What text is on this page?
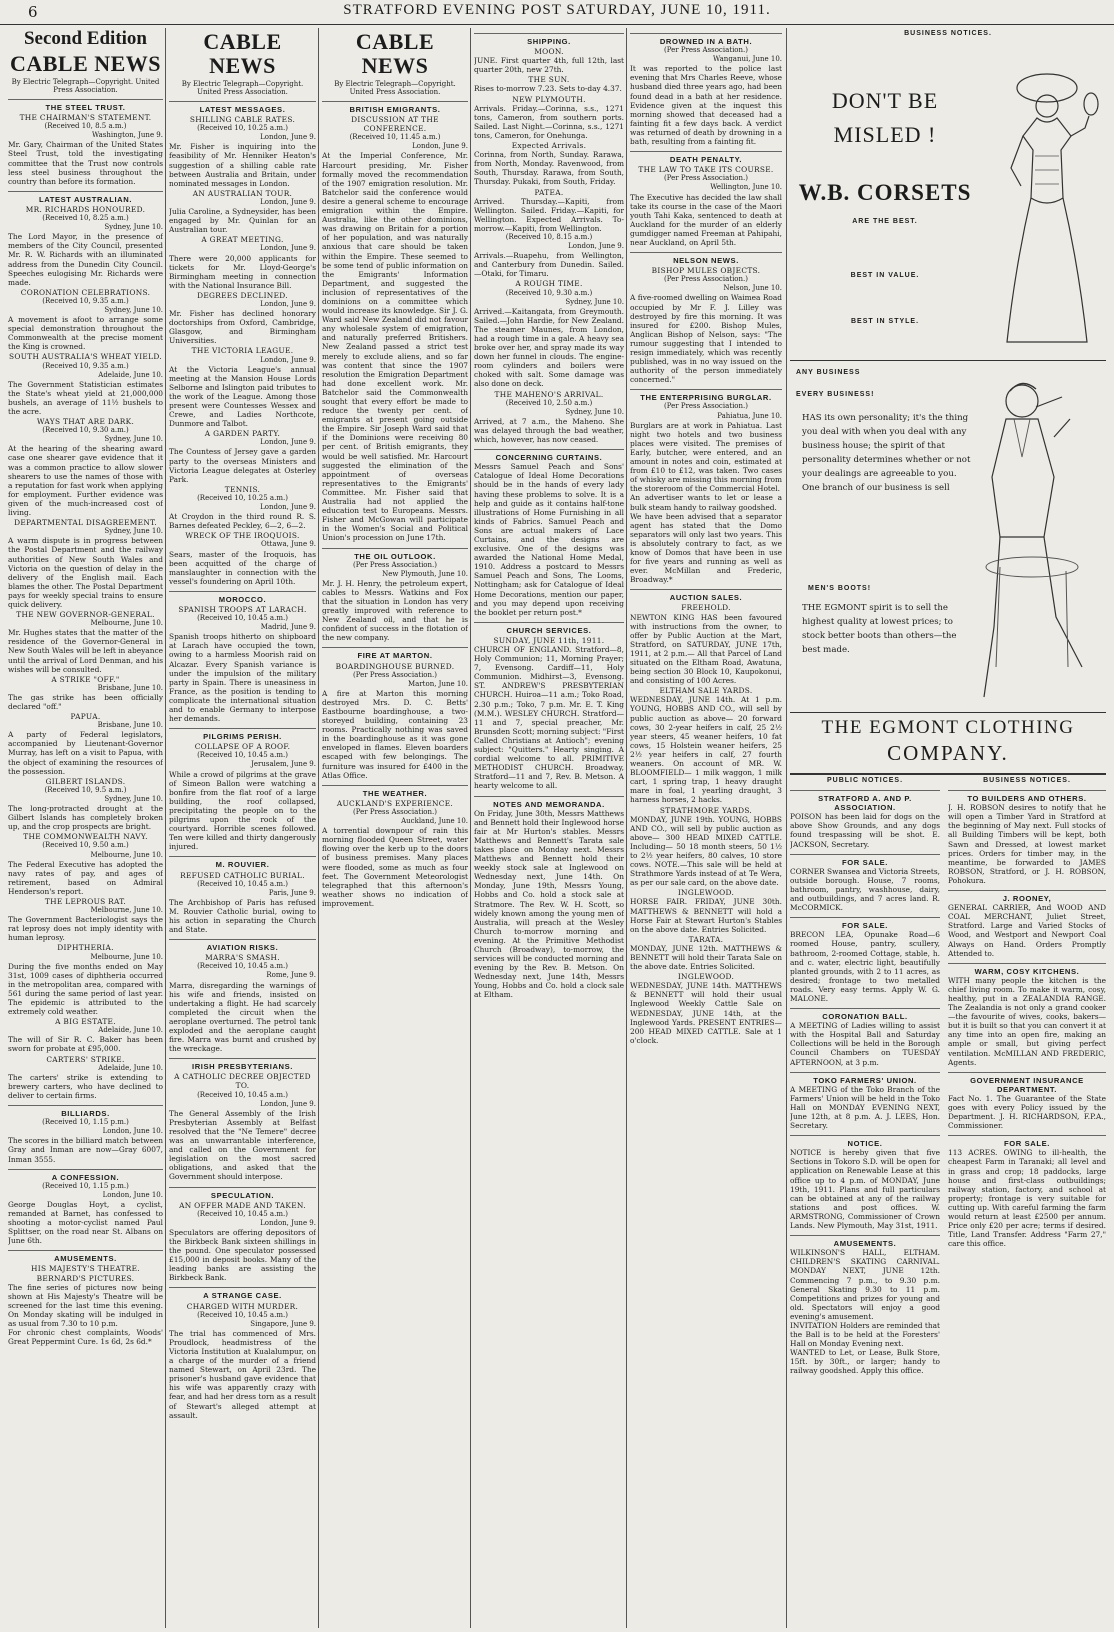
6	STRATFORD EVENING POST SATURDAY, JUNE 10, 1911.
Second Edition
CABLE NEWS
By Electric Telegraph—Copyright. United Press Association.
THE STEEL TRUST.
THE CHAIRMAN'S STATEMENT.
(Received 10, 8.5 a.m.)
Washington, June 9.

Mr. Gary, Chairman of the United States Steel Trust, told the investigating committee that the Trust now controls less steel business throughout the country than before its formation.

LATEST AUSTRALIAN.
MR. RICHARDS HONOURED.
(Received 10, 8.25 a.m.)
Sydney, June 10.

The Lord Mayor, in the presence of members of the City Council, presented Mr. R. W. Richards with an illuminated address from the Dunedin City Council. Speeches eulogising Mr. Richards were made.

CORONATION CELEBRATIONS.
(Received 10, 9.35 a.m.)
Sydney, June 10.

A movement is afoot to arrange some special demonstration throughout the Commonwealth at the precise moment the King is crowned.

SOUTH AUSTRALIA'S WHEAT YIELD.
(Received 10, 9.35 a.m.)
Adelaide, June 10.

The Government Statistician estimates the State's wheat yield at 21,000,000 bushels, an average of 11½ bushels to the acre.

WAYS THAT ARE DARK.
(Received 10, 9.30 a.m.)
Sydney, June 10.

At the hearing of the shearing award case one shearer gave evidence that it was a common practice to allow slower shearers to use the names of those with a reputation for fast work when applying for employment. Further evidence was given of the much-increased cost of living.

DEPARTMENTAL DISAGREEMENT.
Sydney, June 10.

A warm dispute is in progress between the Postal Department and the railway authorities of New South Wales and Victoria on the question of delay in the delivery of the English mail. Each blames the other. The Postal Department pays for weekly special trains to ensure quick delivery.

THE NEW GOVERNOR-GENERAL.
Melbourne, June 10.

Mr. Hughes states that the matter of the residence of the Governor-General in New South Wales will be left in abeyance until the arrival of Lord Denman, and his wishes will be consulted.

A STRIKE "OFF."
Brisbane, June 10.

The gas strike has been officially declared "off."

PAPUA.
Brisbane, June 10.

A party of Federal legislators, accompanied by Lieutenant-Governor Murray, has left on a visit to Papua, with the object of examining the resources of the possession.

GILBERT ISLANDS.
(Received 10, 9.5 a.m.)
Sydney, June 10.

The long-protracted drought at the Gilbert Islands has completely broken up, and the crop prospects are bright.

THE COMMONWEALTH NAVY.
(Received 10, 9.50 a.m.)
Melbourne, June 10.

The Federal Executive has adopted the navy rates of pay, and ages of retirement, based on Admiral Henderson's report.

THE LEPROUS RAT.
Melbourne, June 10.

The Government Bacteriologist says the rat leprosy does not imply identity with human leprosy.

DIPHTHERIA.
Melbourne, June 10.

During the five months ended on May 31st, 1009 cases of diphtheria occurred in the metropolitan area, compared with 561 during the same period of last year. The epidemic is attributed to the extremely cold weather.

A BIG ESTATE.
Adelaide, June 10.

The will of Sir R. C. Baker has been sworn for probate at £95,000.

CARTERS' STRIKE.
Adelaide, June 10.

The carters' strike is extending to brewery carters, who have declined to deliver to certain firms.

BILLIARDS.
(Received 10, 1.15 p.m.)
London, June 10.

The scores in the billiard match between Gray and Inman are now—Gray 6007, Inman 3555.

A CONFESSION.
(Received 10, 1.15 p.m.)
London, June 10.

George Douglas Hoyt, a cyclist, remanded at Barnet, has confessed to shooting a motor-cyclist named Paul Splittser, on the road near St. Albans on June 6th.

AMUSEMENTS.
HIS MAJESTY'S THEATRE. BERNARD'S PICTURES.

The fine series of pictures now being shown at His Majesty's Theatre will be screened for the last time this evening. On Monday skating will be indulged in as usual from 7.30 to 10 p.m.

For chronic chest complaints, Woods' Great Peppermint Cure. 1s 6d, 2s 6d.*

CABLE NEWS
By Electric Telegraph—Copyright. United Press Association.
LATEST MESSAGES.
SHILLING CABLE RATES.
(Received 10, 10.25 a.m.)
London, June 9.

Mr. Fisher is inquiring into the feasibility of Mr. Henniker Heaton's suggestion of a shilling cable rate between Australia and Britain, under nominated messages in London.

AN AUSTRALIAN TOUR.
London, June 9.

Julia Caroline, a Sydneysider, has been engaged by Mr. Quinlan for an Australian tour.

A GREAT MEETING.
London, June 9.

There were 20,000 applicants for tickets for Mr. Lloyd-George's Birmingham meeting in connection with the National Insurance Bill.

DEGREES DECLINED.
London, June 9.

Mr. Fisher has declined honorary doctorships from Oxford, Cambridge, Glasgow, and Birmingham Universities.

THE VICTORIA LEAGUE.
London, June 9.

At the Victoria League's annual meeting at the Mansion House Lords Selborne and Islington paid tributes to the work of the League. Among those present were Countesses Wessex and Crewe, and Ladies Northcote, Dunmore and Talbot.

A GARDEN PARTY.
London, June 9.

The Countess of Jersey gave a garden party to the overseas Ministers and Victoria League delegates at Osterley Park.

TENNIS.
(Received 10, 10.25 a.m.)
London, June 9.

At Croydon in the third round R. S. Barnes defeated Peckley, 6—2, 6—2.

WRECK OF THE IROQUOIS.
Ottawa, June 9.

Sears, master of the Iroquois, has been acquitted of the charge of manslaughter in connection with the vessel's foundering on April 10th.

MOROCCO.
SPANISH TROOPS AT LARACH.
(Received 10, 10.45 a.m.)
Madrid, June 9.

Spanish troops hitherto on shipboard at Larach have occupied the town, owing to a harmless Moorish raid on Alcazar. Every Spanish variance is under the impulsion of the military party in Spain. There is uneasiness in France, as the position is tending to complicate the international situation and to enable Germany to interpose her demands.

PILGRIMS PERISH.
COLLAPSE OF A ROOF.
(Received 10, 10.45 a.m.)
Jerusalem, June 9.

While a crowd of pilgrims at the grave of Simeon Ballon were watching a bonfire from the flat roof of a large building, the roof collapsed, precipitating the people on to the pilgrims upon the rock of the courtyard. Horrible scenes followed. Ten were killed and thirty dangerously injured.

M. ROUVIER.
REFUSED CATHOLIC BURIAL.
(Received 10, 10.45 a.m.)
Paris, June 9.

The Archbishop of Paris has refused M. Rouvier Catholic burial, owing to his action in separating the Church and State.

AVIATION RISKS.
MARRA'S SMASH.
(Received 10, 10.45 a.m.)
Rome, June 9.

Marra, disregarding the warnings of his wife and friends, insisted on undertaking a flight. He had scarcely completed the circuit when the aeroplane overturned. The petrol tank exploded and the aeroplane caught fire. Marra was burnt and crushed by the wreckage.

IRISH PRESBYTERIANS.
A CATHOLIC DECREE OBJECTED TO.
(Received 10, 10.45 a.m.)
London, June 9.

The General Assembly of the Irish Presbyterian Assembly at Belfast resolved that the "Ne Temere" decree was an unwarrantable interference, and called on the Government for legislation on the most sacred obligations, and asked that the Government should interpose.

SPECULATION.
AN OFFER MADE AND TAKEN.
(Received 10, 10.45 a.m.)
London, June 9.

Speculators are offering depositors of the Birkbeck Bank sixteen shillings in the pound. One speculator possessed £15,000 in deposit books. Many of the leading banks are assisting the Birkbeck Bank.

A STRANGE CASE.
CHARGED WITH MURDER.
(Received 10, 10.45 a.m.)
Singapore, June 9.

The trial has commenced of Mrs. Proudlock, headmistress of the Victoria Institution at Kualalumpur, on a charge of the murder of a friend named Stewart, on April 23rd. The prisoner's husband gave evidence that his wife was apparently crazy with fear, and had her dress torn as a result of Stewart's alleged attempt at assault.

CABLE NEWS
By Electric Telegraph—Copyright. United Press Association.
BRITISH EMIGRANTS.
DISCUSSION AT THE CONFERENCE.
(Received 10, 11.45 a.m.)
London, June 9.

At the Imperial Conference, Mr. Harcourt presiding, Mr. Fisher formally moved the recommendation of the 1907 emigration resolution. Mr. Batchelor said the conference would desire a general scheme to encourage emigration within the Empire. Australia, like the other dominions, was drawing on Britain for a portion of her population, and was naturally anxious that care should be taken within the Empire. These seemed to be some tend of public information on the Emigrants' Information Department, and suggested the inclusion of representatives of the dominions on a committee which would increase its knowledge. Sir J. G. Ward said New Zealand did not favour any wholesale system of emigration, and naturally preferred Britishers. New Zealand passed a strict test merely to exclude aliens, and so far was content that since the 1907 resolution the Emigration Department had done excellent work. Mr. Batchelor said the Commonwealth sought that every effort be made to reduce the twenty per cent. of emigrants at present going outside the Empire. Sir Joseph Ward said that if the Dominions were receiving 80 per cent. of British emigrants, they would be well satisfied. Mr. Harcourt suggested the elimination of the appointment of overseas representatives to the Emigrants' Committee. Mr. Fisher said that Australia had not applied the education test to Europeans. Messrs. Fisher and McGowan will participate in the Women's Social and Political Union's procession on June 17th.

THE OIL OUTLOOK.
(Per Press Association.)
New Plymouth, June 10.

Mr. J. H. Henry, the petroleum expert, cables to Messrs. Watkins and Fox that the situation in London has very greatly improved with reference to New Zealand oil, and that he is confident of success in the flotation of the new company.

FIRE AT MARTON.
BOARDINGHOUSE BURNED.
(Per Press Association.)
Marton, June 10.

A fire at Marton this morning destroyed Mrs. D. C. Betts' Eastbourne boardinghouse, a two-storeyed building, containing 23 rooms. Practically nothing was saved in the boardinghouse as it was gone enveloped in flames. Eleven boarders escaped with few belongings. The furniture was insured for £400 in the Atlas Office.

THE WEATHER.
AUCKLAND'S EXPERIENCE.
(Per Press Association.)
Auckland, June 10.

A torrential downpour of rain this morning flooded Queen Street, water flowing over the kerb up to the doors of business premises. Many places were flooded, some as much as four feet. The Government Meteorologist telegraphed that this afternoon's weather shows no indication of improvement.

SHIPPING.
MOON.

JUNE. First quarter 4th, full 12th, last quarter 20th, new 27th.

THE SUN.

Rises to-morrow 7.23. Sets to-day 4.37.

NEW PLYMOUTH.

Arrivals. Friday.—Corinna, s.s., 1271 tons, Cameron, from southern ports. Sailed. Last Night.—Corinna, s.s., 1271 tons, Cameron, for Onehunga.

Expected Arrivals.

Corinna, from North, Sunday. Rarawa, from North, Monday. Ravenwood, from South, Thursday. Rarawa, from South, Thursday. Pukaki, from South, Friday.

PATEA.

Arrived. Thursday.—Kapiti, from Wellington. Sailed. Friday.—Kapiti, for Wellington. Expected Arrivals. To-morrow.—Kapiti, from Wellington.

(Received 10, 8.15 a.m.)
London, June 9.

Arrivals.—Ruapehu, from Wellington, and Canterbury from Dunedin. Sailed.—Otaki, for Timaru.

A ROUGH TIME.
(Received 10, 9.30 a.m.)
Sydney, June 10.

Arrived.—Kaitangata, from Greymouth. Sailed.—John Hardie, for New Zealand. The steamer Maunes, from London, had a rough time in a gale. A heavy sea broke over her, and spray made its way down her funnel in clouds. The engine-room cylinders and boilers were choked with salt. Some damage was also done on deck.

THE MAHENO'S ARRIVAL.
(Received 10, 2.50 a.m.)
Sydney, June 10.

Arrived, at 7 a.m., the Maheno. She was delayed through the bad weather, which, however, has now ceased.

CONCERNING CURTAINS.

Messrs Samuel Peach and Sons' Catalogue of Ideal Home Decorations should be in the hands of every lady having these problems to solve. It is a help and guide as it contains half-tone illustrations of Home Furnishing in all kinds of Fabrics. Samuel Peach and Sons are actual makers of Lace Curtains, and the designs are exclusive. One of the designs was awarded the National Home Medal, 1910. Address a postcard to Messrs Samuel Peach and Sons, The Looms, Nottingham; ask for Catalogue of Ideal Home Decorations, mention our paper, and you may depend upon receiving the booklet per return post.*

CHURCH SERVICES.
SUNDAY, JUNE 11th, 1911.

CHURCH OF ENGLAND. Stratford—8, Holy Communion; 11, Morning Prayer; 7, Evensong. Cardiff—11, Holy Communion. Midhirst—3, Evensong. ST. ANDREW'S PRESBYTERIAN CHURCH. Huiroa—11 a.m.; Toko Road, 2.30 p.m.; Toko, 7 p.m. Mr. E. T. King (M.M.). WESLEY CHURCH. Stratford—11 and 7, special preacher, Mr. Brunsden Scott; morning subject: "First Called Christians at Antioch"; evening subject: "Quitters." Hearty singing. A cordial welcome to all. PRIMITIVE METHODIST CHURCH. Broadway, Stratford—11 and 7, Rev. B. Metson. A hearty welcome to all.

NOTES AND MEMORANDA.

On Friday, June 30th, Messrs Matthews and Bennett hold their Inglewood horse fair at Mr Hurton's stables. Messrs Matthews and Bennett's Tarata sale takes place on Monday next. Messrs Matthews and Bennett hold their weekly stock sale at Inglewood on Wednesday next, June 14th. On Monday, June 19th, Messrs Young, Hobbs and Co. hold a stock sale at Stratmore. The Rev. W. H. Scott, so widely known among the young men of Australia, will preach at the Wesley Church to-morrow morning and evening. At the Primitive Methodist Church (Broadway), to-morrow, the services will be conducted morning and evening by the Rev. B. Metson. On Wednesday next, June 14th, Messrs Young, Hobbs and Co. hold a clock sale at Eltham.

DROWNED IN A BATH.
(Per Press Association.)
Wanganui, June 10.

It was reported to the police last evening that Mrs Charles Reeve, whose husband died three years ago, had been found dead in a bath at her residence. Evidence given at the inquest this morning showed that deceased had a fainting fit a few days back. A verdict was returned of death by drowning in a bath, resulting from a fainting fit.

DEATH PENALTY.
THE LAW TO TAKE ITS COURSE.
(Per Press Association.)
Wellington, June 10.

The Executive has decided the law shall take its course in the case of the Maori youth Tahi Kaka, sentenced to death at Auckland for the murder of an elderly gumdigger named Freeman at Pahipahi, near Auckland, on April 5th.

NELSON NEWS.
BISHOP MULES OBJECTS.
(Per Press Association.)
Nelson, June 10.

A five-roomed dwelling on Waimea Road occupied by Mr F. J. Lilley was destroyed by fire this morning. It was insured for £200. Bishop Mules, Anglican Bishop of Nelson, says: "The rumour suggesting that I intended to resign immediately, which was recently published, was in no way issued on the authority of the person immediately concerned."

THE ENTERPRISING BURGLAR.
(Per Press Association.)
Pahiatua, June 10.

Burglars are at work in Pahiatua. Last night two hotels and two business places were visited. The premises of Early, butcher, were entered, and an amount in notes and coin, estimated at from £10 to £12, was taken. Two cases of whisky are missing this morning from the storeroom of the Commercial Hotel.

An advertiser wants to let or lease a bulk steam handy to railway goodshed.

We have been advised that a separator agent has stated that the Domo separators will only last two years. This is absolutely contrary to fact, as we know of Domos that have been in use for five years and running as well as ever. McMillan and Frederic, Broadway.*

AUCTION SALES.
FREEHOLD.

NEWTON KING HAS been favoured with instructions from the owner, to offer by Public Auction at the Mart, Stratford, on SATURDAY, JUNE 17th, 1911, at 2 p.m.— All that Parcel of Land situated on the Eltham Road, Awatuna, being section 30 Block 10, Kaupokonui, and consisting of 100 Acres.

ELTHAM SALE YARDS.

WEDNESDAY, JUNE 14th. At 1 p.m. YOUNG, HOBBS AND CO., will sell by public auction as above— 20 forward cows, 30 2-year heifers in calf, 25 2½ year steers, 45 weaner heifers, 10 fat cows, 15 Holstein weaner heifers, 25 2½ year heifers in calf, 27 fourth weaners. On account of MR. W. BLOOMFIELD— 1 milk waggon, 1 milk cart, 1 spring trap, 1 heavy draught mare in foal, 1 yearling draught, 3 harness horses, 2 hacks.

STRATHMORE YARDS.

MONDAY, JUNE 19th. YOUNG, HOBBS AND CO., will sell by public auction as above— 300 HEAD MIXED CATTLE. Including— 50 18 month steers, 50 1½ to 2½ year heifers, 80 calves, 10 store cows. NOTE.—This sale will be held at Strathmore Yards instead of at Te Wera, as per our sale card, on the above date.

INGLEWOOD.

HORSE FAIR. FRIDAY, JUNE 30th. MATTHEWS & BENNETT will hold a Horse Fair at Stewart Hurton's Stables on the above date. Entries Solicited.

TARATA.

MONDAY, JUNE 12th. MATTHEWS & BENNETT will hold their Tarata Sale on the above date. Entries Solicited.

INGLEWOOD.

WEDNESDAY, JUNE 14th. MATTHEWS & BENNETT will hold their usual Inglewood Weekly Cattle Sale on WEDNESDAY, JUNE 14th, at the Inglewood Yards. PRESENT ENTRIES— 200 HEAD MIXED CATTLE. Sale at 1 o'clock.

BUSINESS NOTICES.
DON'T BE
MISLED !
W.B. CORSETS
ARE THE BEST.
BEST IN VALUE.
BEST IN STYLE.
ANY BUSINESS
EVERY BUSINESS!
HAS its own personality; it's the thing you deal with when you deal with any business house; the spirit of that personality determines whether or not your dealings are agreeable to you. One branch of our business is sell
MEN'S BOOTS!
THE EGMONT spirit is to sell the highest quality at lowest prices; to stock better boots than others—the best made.
THE EGMONT CLOTHING
COMPANY.
PUBLIC NOTICES.
STRATFORD A. AND P. ASSOCIATION.

POISON has been laid for dogs on the above Show Grounds, and any dogs found trespassing will be shot. E. JACKSON, Secretary.

FOR SALE.

CORNER Swansea and Victoria Streets, outside borough. House, 7 rooms, bathroom, pantry, washhouse, dairy, and outbuildings, and 7 acres land. R. McCORMICK.

FOR SALE.

BRECON LEA, Opunake Road—6 roomed House, pantry, scullery, bathroom, 2-roomed Cottage, stable, h. and c. water, electric light, beautifully planted grounds, with 2 to 11 acres, as desired; frontage to two metalled roads. Very easy terms. Apply W. G. MALONE.

CORONATION BALL.

A MEETING of Ladies willing to assist with the Hospital Ball and Saturday Collections will be held in the Borough Council Chambers on TUESDAY AFTERNOON, at 3 p.m.

TOKO FARMERS' UNION.

A MEETING of the Toko Branch of the Farmers' Union will be held in the Toko Hall on MONDAY EVENING NEXT, June 12th, at 8 p.m. A. J. LEES, Hon. Secretary.

NOTICE.

NOTICE is hereby given that five Sections in Tokoro S.D. will be open for application on Renewable Lease at this office up to 4 p.m. of MONDAY, June 19th, 1911. Plans and full particulars can be obtained at any of the railway stations and post offices. W. ARMSTRONG, Commissioner of Crown Lands. New Plymouth, May 31st, 1911.

AMUSEMENTS.

WILKINSON'S HALL, ELTHAM. CHILDREN'S SKATING CARNIVAL. MONDAY NEXT, JUNE 12th. Commencing 7 p.m., to 9.30 p.m. General Skating 9.30 to 11 p.m. Competitions and prizes for young and old. Spectators will enjoy a good evening's amusement.

INVITATION Holders are reminded that the Ball is to be held at the Foresters' Hall on Monday Evening next.

WANTED to Let, or Lease, Bulk Store, 15ft. by 30ft., or larger; handy to railway goodshed. Apply this office.

BUSINESS NOTICES.
TO BUILDERS AND OTHERS.

J. H. ROBSON desires to notify that he will open a Timber Yard in Stratford at the beginning of May next. Full stocks of all Building Timbers will be kept, both Sawn and Dressed, at lowest market prices. Orders for timber may, in the meantime, be forwarded to JAMES ROBSON, Stratford, or J. H. ROBSON, Pohokura.

J. ROONEY,

GENERAL CARRIER, And WOOD AND COAL MERCHANT, Juliet Street, Stratford. Large and Varied Stocks of Wood, and Westport and Newport Coal Always on Hand. Orders Promptly Attended to.

WARM, COSY KITCHENS.

WITH many people the kitchen is the chief living room. To make it warm, cosy, healthy, put in a ZEALANDIA RANGE. The Zealandia is not only a grand cooker—the favourite of wives, cooks, bakers—but it is built so that you can convert it at any time into an open fire, making an ample or small, but giving perfect ventilation. McMILLAN AND FREDERIC, Agents.

GOVERNMENT INSURANCE DEPARTMENT.

Fact No. 1. The Guarantee of the State goes with every Policy issued by the Department. J. H. RICHARDSON, F.P.A., Commissioner.

FOR SALE.

113 ACRES. OWING to ill-health, the cheapest Farm in Taranaki; all level and in grass and crop; 18 paddocks, large house and first-class outbuildings; railway station, factory, and school at property; frontage is very suitable for cutting up. With careful farming the farm would return at least £2500 per annum. Price only £20 per acre; terms if desired. Title, Land Transfer. Address "Farm 27," care this office.
